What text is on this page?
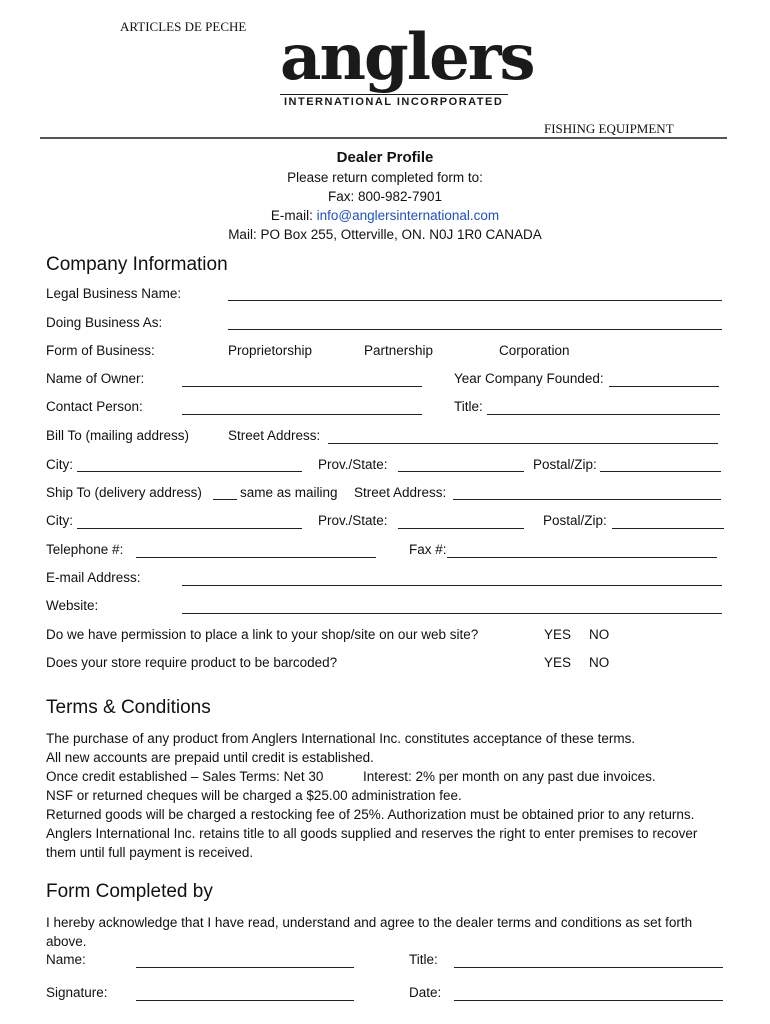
ARTICLES DE PECHE anglers
INTERNATIONAL INCORPORATED
FISHING EQUIPMENT
Dealer Profile
Please return completed form to:
Fax: 800-982-7901
E-mail: info@anglersinternational.com
Mail: PO Box 255, Otterville, ON. N0J 1R0 CANADA
Company Information
Legal Business Name:
Doing Business As:
Form of Business:	Proprietorship	Partnership	Corporation
Name of Owner:	Year Company Founded:
Contact Person:	Title:
Bill To (mailing address)	Street Address:
City:	Prov./State:	Postal/Zip:
Ship To (delivery address)	same as mailing Street Address:
City:	Prov./State:	Postal/Zip:
Telephone #:	Fax #:
E-mail Address:
Website:
Do we have permission to place a link to your shop/site on our web site?	YES NO
Does your store require product to be barcoded?	YES NO
Terms & Conditions
The purchase of any product from Anglers International Inc. constitutes acceptance of these terms.
All new accounts are prepaid until credit is established.
Once credit established – Sales Terms: Net 30	Interest: 2% per month on any past due invoices.
NSF or returned cheques will be charged a $25.00 administration fee.
Returned goods will be charged a restocking fee of 25%. Authorization must be obtained prior to any returns.
Anglers International Inc. retains title to all goods supplied and reserves the right to enter premises to recover
them until full payment is received.
Form Completed by
I hereby acknowledge that I have read, understand and agree to the dealer terms and conditions as set forth
above.
Name:	Title:
Signature:	Date:
